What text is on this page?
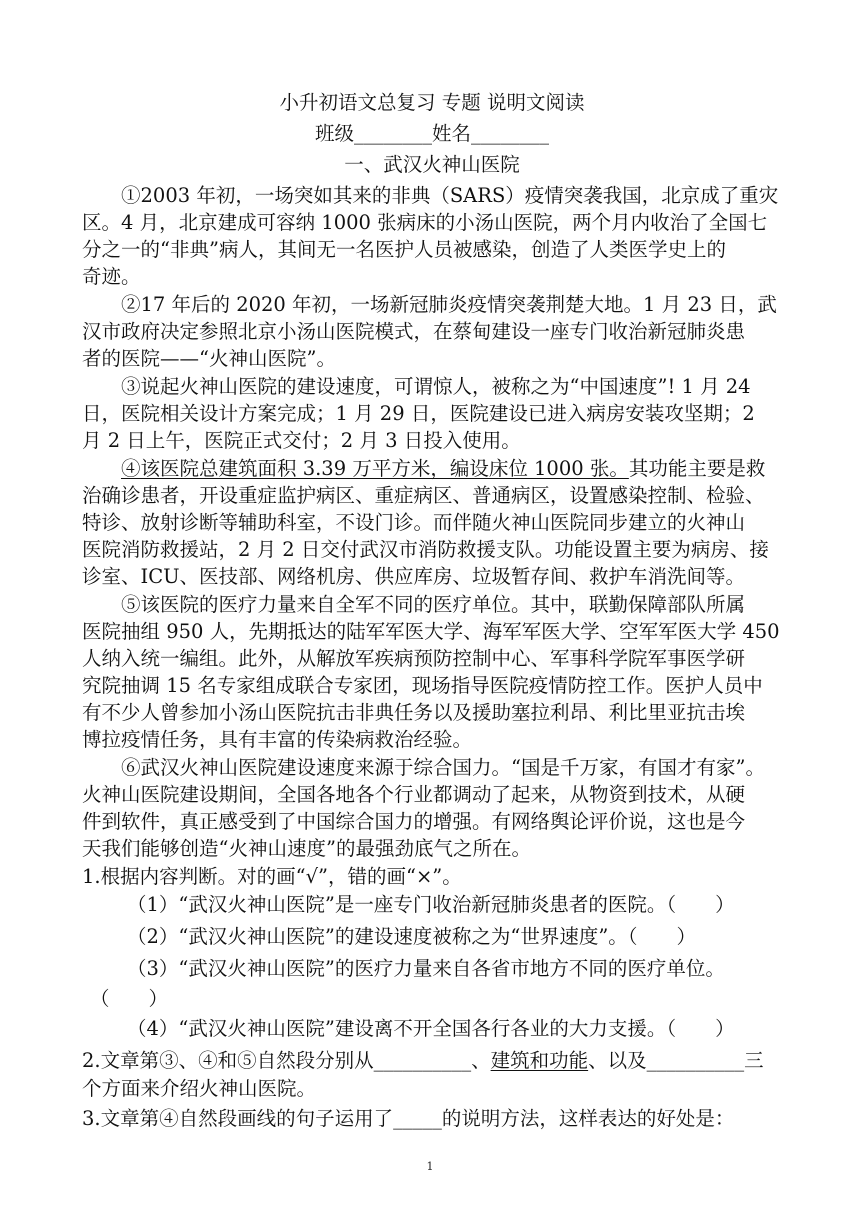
小升初语文总复习 专题 说明文阅读
班级________姓名________
一、武汉火神山医院
①2003 年初，一场突如其来的非典（SARS）疫情突袭我国，北京成了重灾
区。4 月，北京建成可容纳 1000 张病床的小汤山医院，两个月内收治了全国七
分之一的“非典”病人，其间无一名医护人员被感染，创造了人类医学史上的
奇迹。
②17 年后的 2020 年初，一场新冠肺炎疫情突袭荆楚大地。1 月 23 日，武
汉市政府决定参照北京小汤山医院模式，在蔡甸建设一座专门收治新冠肺炎患
者的医院——“火神山医院”。
③说起火神山医院的建设速度，可谓惊人，被称之为“中国速度”! 1 月 24
日，医院相关设计方案完成；1 月 29 日，医院建设已进入病房安装攻坚期；2
月 2 日上午，医院正式交付；2 月 3 日投入使用。
④该医院总建筑面积 3.39 万平方米，编设床位 1000 张。其功能主要是救
治确诊患者，开设重症监护病区、重症病区、普通病区，设置感染控制、检验、
特诊、放射诊断等辅助科室，不设门诊。而伴随火神山医院同步建立的火神山
医院消防救援站，2 月 2 日交付武汉市消防救援支队。功能设置主要为病房、接
诊室、ICU、医技部、网络机房、供应库房、垃圾暂存间、救护车消洗间等。
⑤该医院的医疗力量来自全军不同的医疗单位。其中，联勤保障部队所属
医院抽组 950 人，先期抵达的陆军军医大学、海军军医大学、空军军医大学 450
人纳入统一编组。此外，从解放军疾病预防控制中心、军事科学院军事医学研
究院抽调 15 名专家组成联合专家团，现场指导医院疫情防控工作。医护人员中
有不少人曾参加小汤山医院抗击非典任务以及援助塞拉利昂、利比里亚抗击埃
博拉疫情任务，具有丰富的传染病救治经验。
⑥武汉火神山医院建设速度来源于综合国力。“国是千万家，有国才有家”。
火神山医院建设期间，全国各地各个行业都调动了起来，从物资到技术，从硬
件到软件，真正感受到了中国综合国力的增强。有网络舆论评价说，这也是今
天我们能够创造“火神山速度”的最强劲底气之所在。
1.根据内容判断。对的画“√”，错的画“×”。
（1）“武汉火神山医院”是一座专门收治新冠肺炎患者的医院。（　　）
（2）“武汉火神山医院”的建设速度被称之为“世界速度”。（　　）
（3）“武汉火神山医院”的医疗力量来自各省市地方不同的医疗单位。
（　　）
（4）“武汉火神山医院”建设离不开全国各行各业的大力支援。（　　）
2.文章第③、④和⑤自然段分别从__________、建筑和功能、以及__________三
个方面来介绍火神山医院。
3.文章第④自然段画线的句子运用了_____的说明方法，这样表达的好处是：
1
